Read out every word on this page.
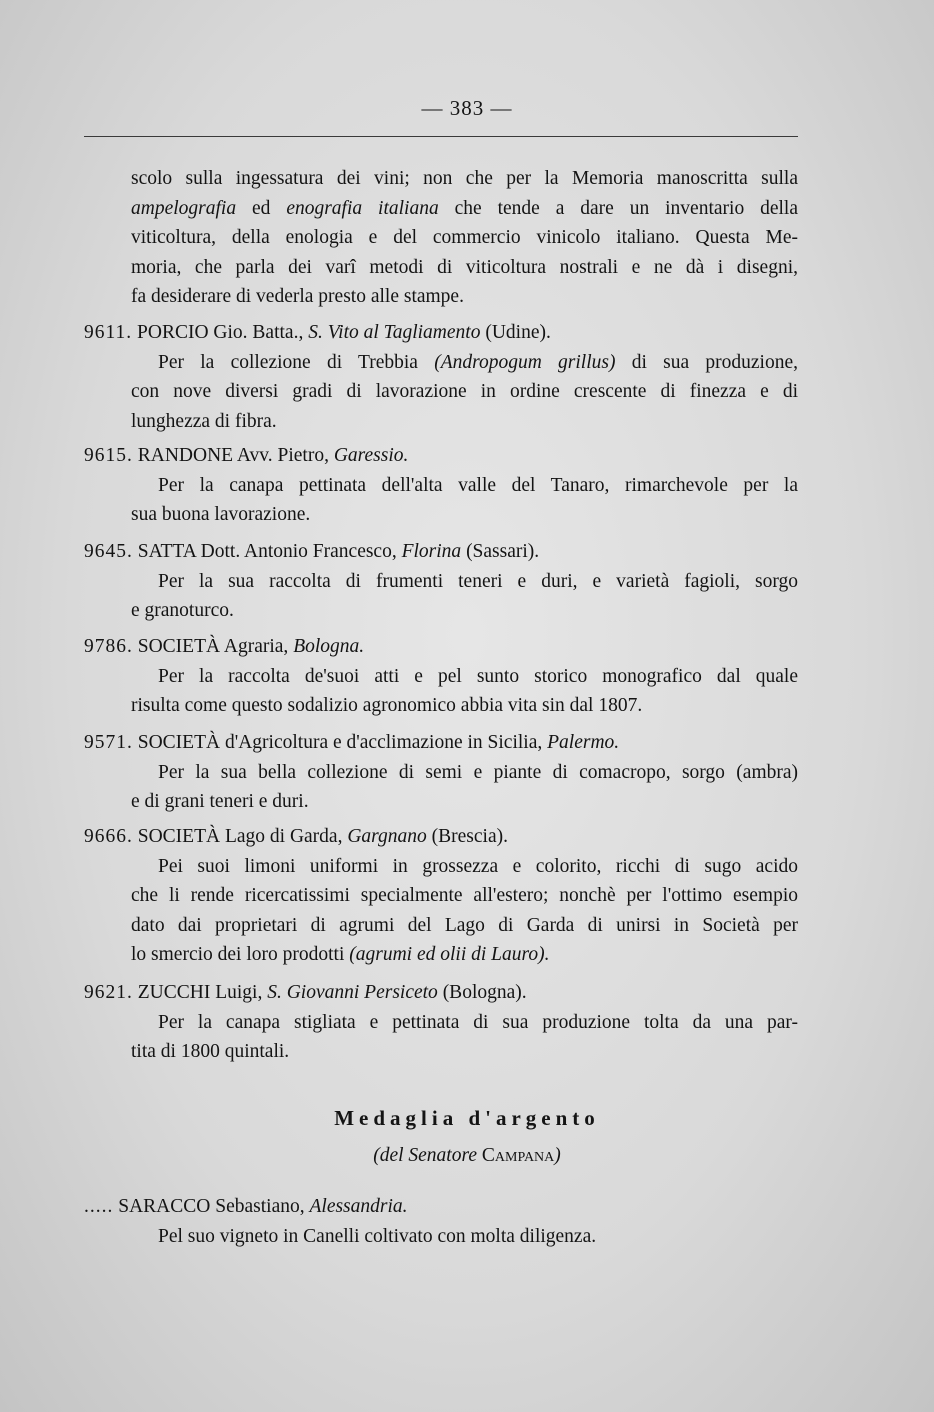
— 383 —
scolo sulla ingessatura dei vini; non che per la Memoria manoscritta sulla
ampelografia ed enografia italiana che tende a dare un inventario della
viticoltura, della enologia e del commercio vinicolo italiano. Questa Me-
moria, che parla dei varî metodi di viticoltura nostrali e ne dà i disegni,
fa desiderare di vederla presto alle stampe.
9611. PORCIO Gio. Batta., S. Vito al Tagliamento (Udine).
Per la collezione di Trebbia (Andropogum grillus) di sua produzione,
con nove diversi gradi di lavorazione in ordine crescente di finezza e di
lunghezza di fibra.
9615. RANDONE Avv. Pietro, Garessio.
Per la canapa pettinata dell'alta valle del Tanaro, rimarchevole per la
sua buona lavorazione.
9645. SATTA Dott. Antonio Francesco, Florina (Sassari).
Per la sua raccolta di frumenti teneri e duri, e varietà fagioli, sorgo
e granoturco.
9786. SOCIETÀ Agraria, Bologna.
Per la raccolta de'suoi atti e pel sunto storico monografico dal quale
risulta come questo sodalizio agronomico abbia vita sin dal 1807.
9571. SOCIETÀ d'Agricoltura e d'acclimazione in Sicilia, Palermo.
Per la sua bella collezione di semi e piante di comacropo, sorgo (ambra)
e di grani teneri e duri.
9666. SOCIETÀ Lago di Garda, Gargnano (Brescia).
Pei suoi limoni uniformi in grossezza e colorito, ricchi di sugo acido
che li rende ricercatissimi specialmente all'estero; nonchè per l'ottimo esempio
dato dai proprietari di agrumi del Lago di Garda di unirsi in Società per
lo smercio dei loro prodotti (agrumi ed olii di Lauro).
9621. ZUCCHI Luigi, S. Giovanni Persiceto (Bologna).
Per la canapa stigliata e pettinata di sua produzione tolta da una par-
tita di 1800 quintali.
Medaglia d'argento
(del Senatore Campana)
..... SARACCO Sebastiano, Alessandria.
Pel suo vigneto in Canelli coltivato con molta diligenza.
